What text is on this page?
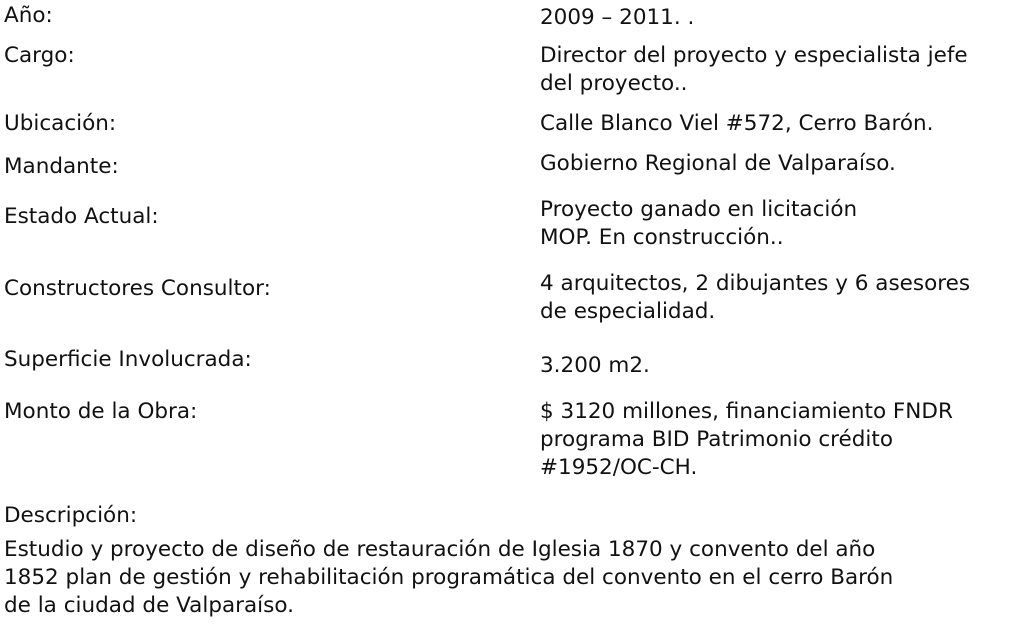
Año:	2009 – 2011. .
Cargo:	Director del proyecto y especialista jefe
del proyecto..
Ubicación:	Calle Blanco Viel #572, Cerro Barón.
Mandante:	Gobierno Regional de Valparaíso.
Estado Actual:	Proyecto ganado en licitación
MOP. En construcción..
Constructores Consultor:	4 arquitectos, 2 dibujantes y 6 asesores
de especialidad.
Superficie Involucrada:	3.200 m2.
Monto de la Obra:	$ 3120 millones, financiamiento FNDR
programa BID Patrimonio crédito
#1952/OC-CH.
Descripción:
Estudio y proyecto de diseño de restauración de Iglesia 1870 y convento del año
1852 plan de gestión y rehabilitación programática del convento en el cerro Barón
de la ciudad de Valparaíso.
